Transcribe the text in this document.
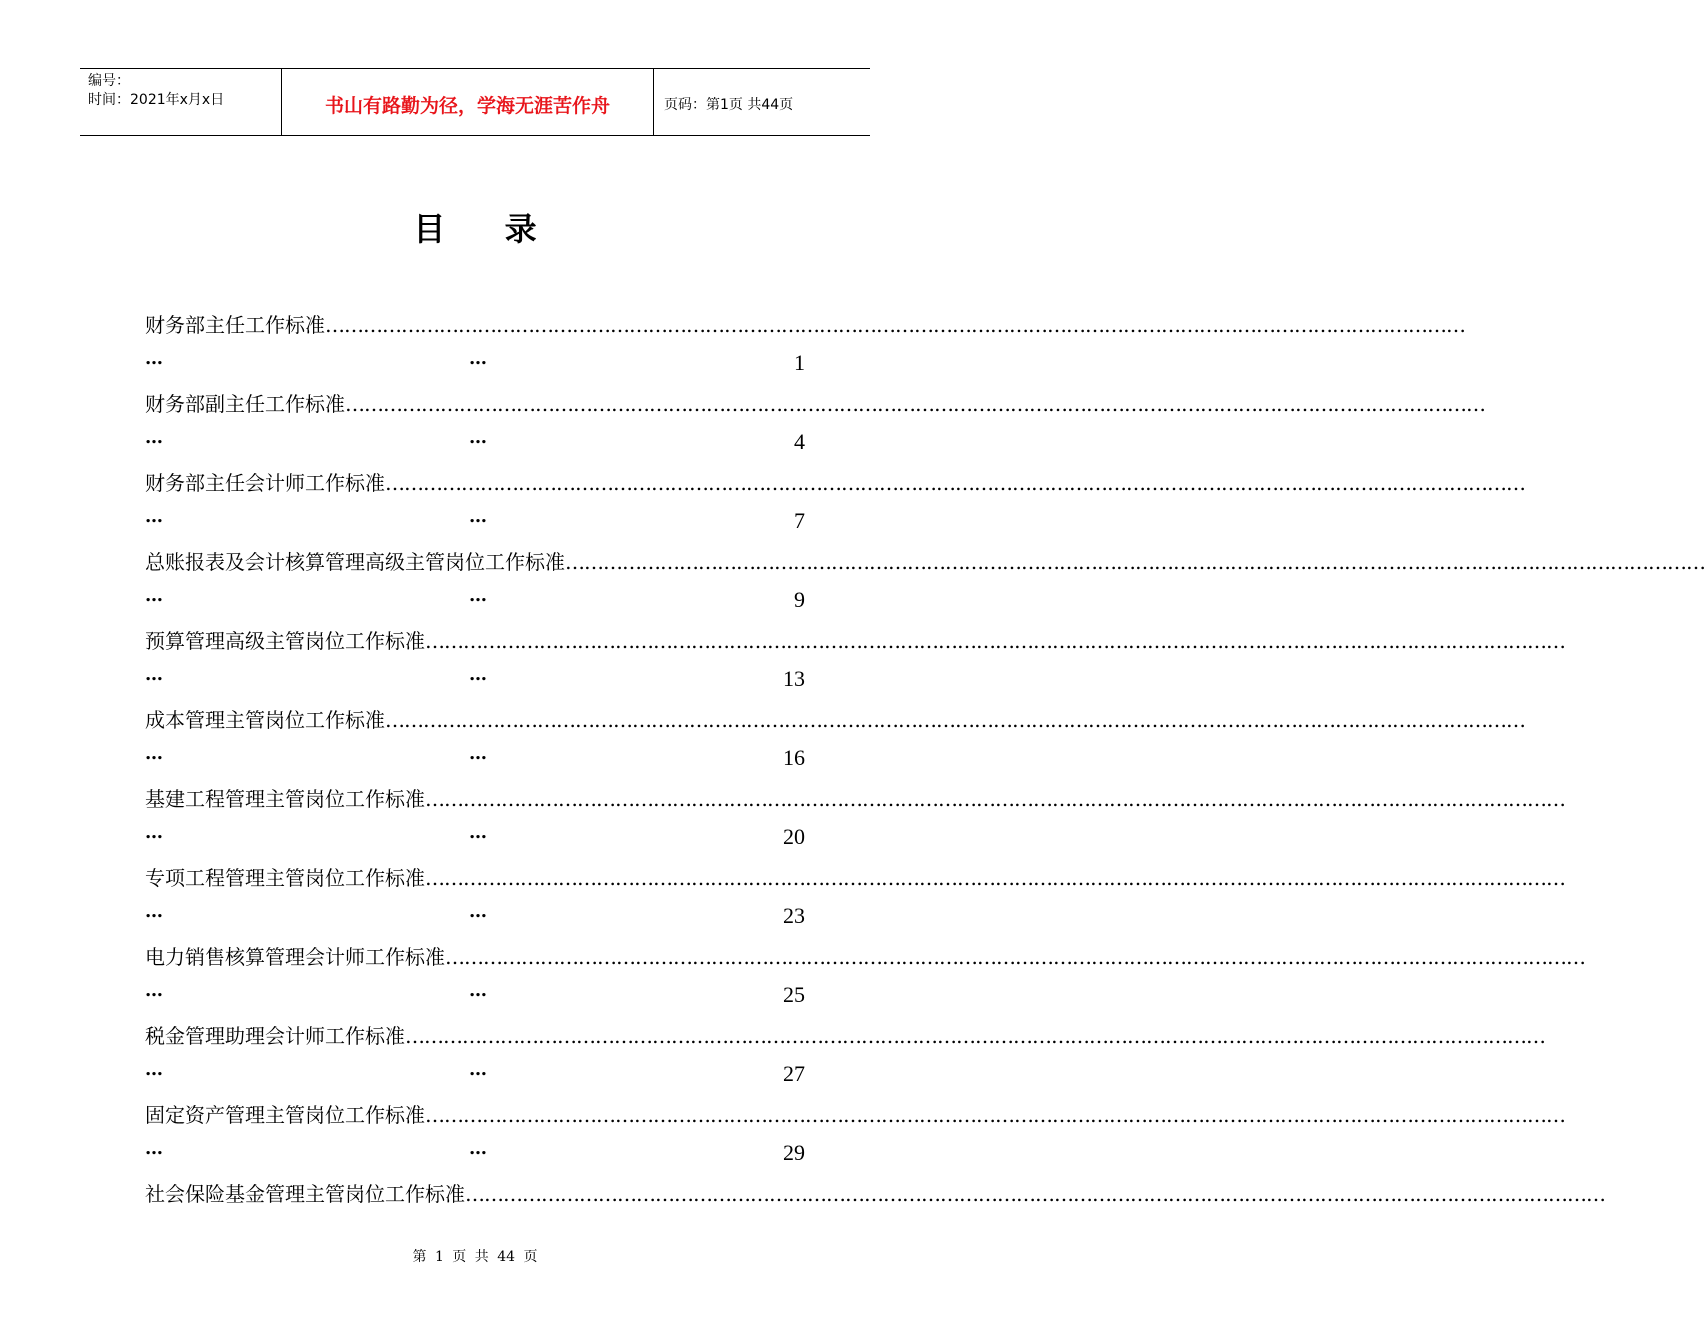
编号：
时间：2021年x月x日	书山有路勤为径，学海无涯苦作舟	页码：第1页 共44页
目 录
财务部主任工作标准………………………………………………………………………………………………………………………………………………………………
…	…	1
财务部副主任工作标准………………………………………………………………………………………………………………………………………………………………
…	…	4
财务部主任会计师工作标准………………………………………………………………………………………………………………………………………………………………
…	…	7
总账报表及会计核算管理高级主管岗位工作标准………………………………………………………………………………………………………………………………………………………………
…	…	9
预算管理高级主管岗位工作标准………………………………………………………………………………………………………………………………………………………………
…	…	13
成本管理主管岗位工作标准………………………………………………………………………………………………………………………………………………………………
…	…	16
基建工程管理主管岗位工作标准………………………………………………………………………………………………………………………………………………………………
…	…	20
专项工程管理主管岗位工作标准………………………………………………………………………………………………………………………………………………………………
…	…	23
电力销售核算管理会计师工作标准………………………………………………………………………………………………………………………………………………………………
…	…	25
税金管理助理会计师工作标准………………………………………………………………………………………………………………………………………………………………
…	…	27
固定资产管理主管岗位工作标准………………………………………………………………………………………………………………………………………………………………
…	…	29
社会保险基金管理主管岗位工作标准………………………………………………………………………………………………………………………………………………………………
第 1 页 共 44 页
